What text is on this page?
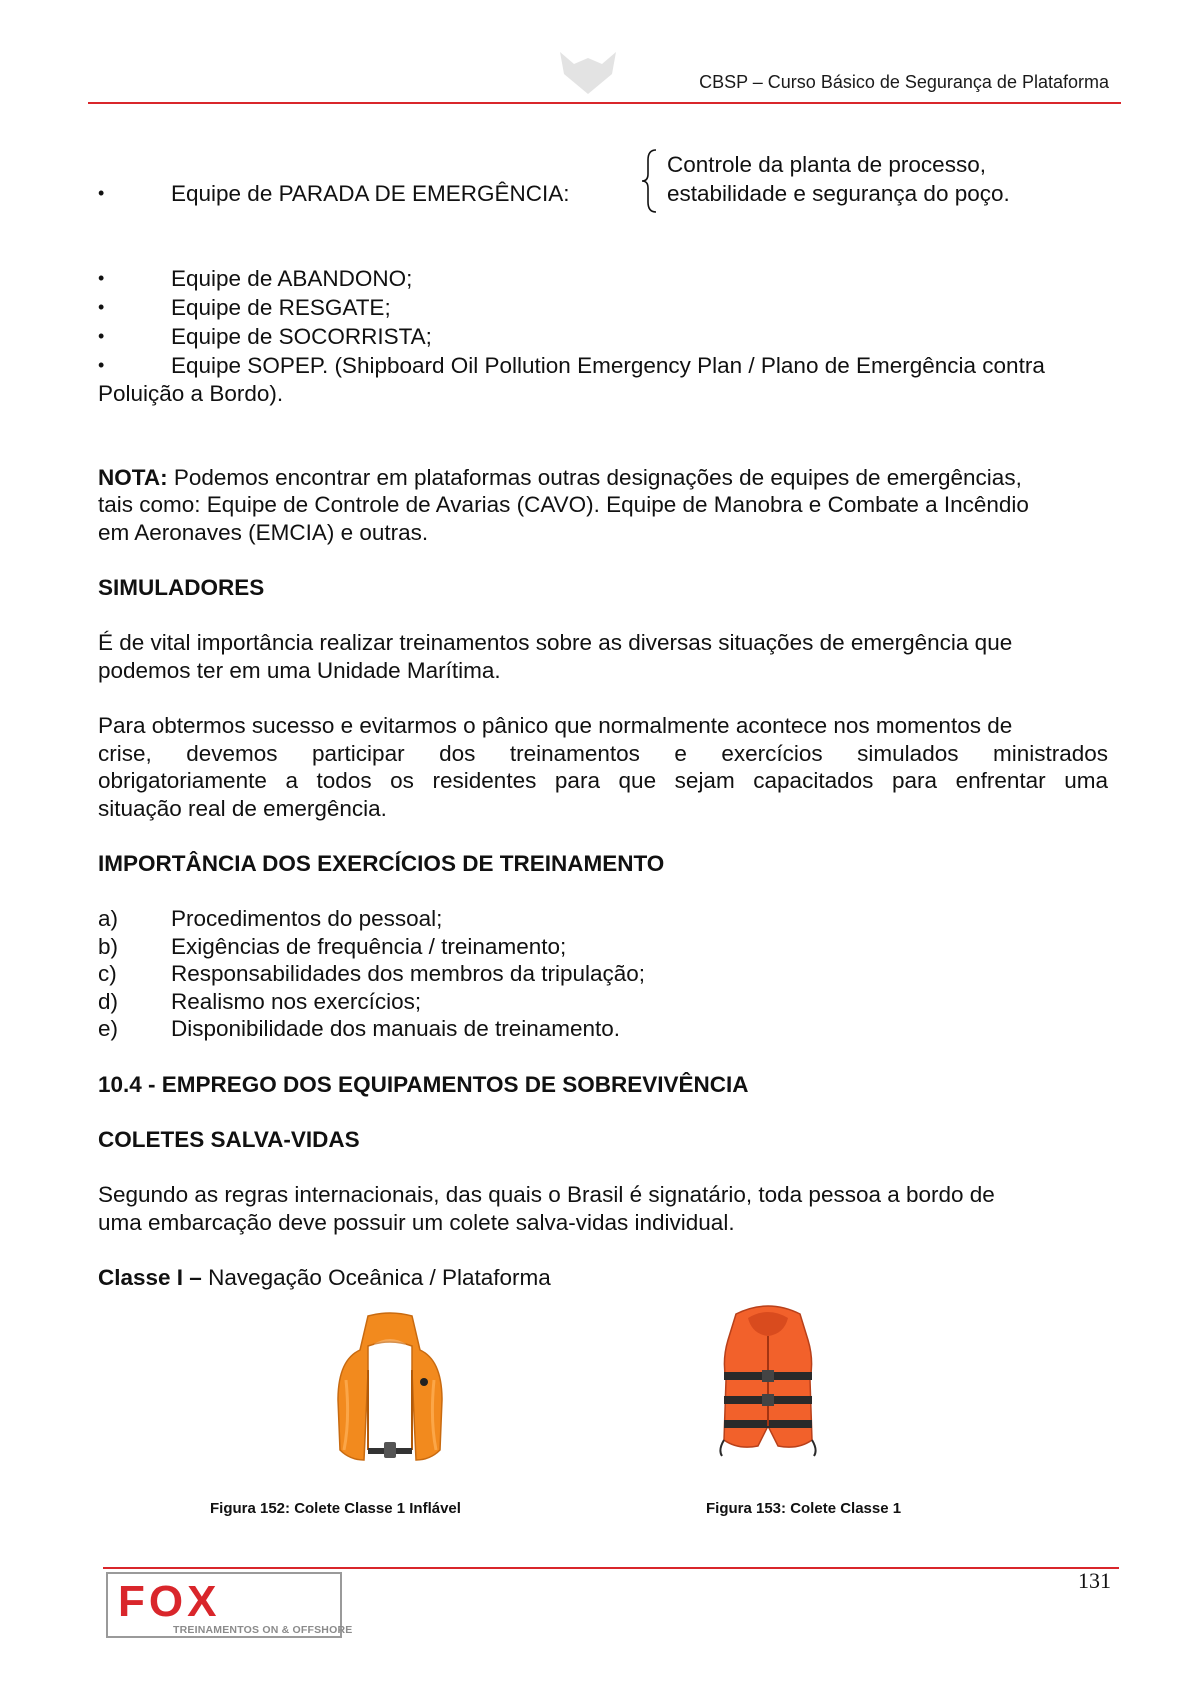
CBSP – Curso Básico de Segurança de Plataforma
•	Equipe de PARADA DE EMERGÊNCIA:
Controle da planta de processo,
estabilidade e segurança do poço.
•	Equipe de ABANDONO;
•	Equipe de RESGATE;
•	Equipe de SOCORRISTA;
•	Equipe SOPEP. (Shipboard Oil Pollution Emergency Plan / Plano de Emergência contra
Poluição a Bordo).
NOTA: Podemos encontrar em plataformas outras designações de equipes de emergências,
tais como: Equipe de Controle de Avarias (CAVO). Equipe de Manobra e Combate a Incêndio
em Aeronaves (EMCIA) e outras.
SIMULADORES
É de vital importância realizar treinamentos sobre as diversas situações de emergência que
podemos ter em uma Unidade Marítima.
Para obtermos sucesso e evitarmos o pânico que normalmente acontece nos momentos de
crise, devemos participar dos treinamentos e exercícios simulados ministrados
obrigatoriamente a todos os residentes para que sejam capacitados para enfrentar uma
situação real de emergência.
IMPORTÂNCIA DOS EXERCÍCIOS DE TREINAMENTO
a) Procedimentos do pessoal;
b) Exigências de frequência / treinamento;
c) Responsabilidades dos membros da tripulação;
d) Realismo nos exercícios;
e) Disponibilidade dos manuais de treinamento.
10.4 - EMPREGO DOS EQUIPAMENTOS DE SOBREVIVÊNCIA
COLETES SALVA-VIDAS
Segundo as regras internacionais, das quais o Brasil é signatário, toda pessoa a bordo de
uma embarcação deve possuir um colete salva-vidas individual.
Classe I – Navegação Oceânica / Plataforma
Figura 152: Colete Classe 1 Inflável	Figura 153: Colete Classe 1
131
FOX
TREINAMENTOS ON & OFFSHORE
